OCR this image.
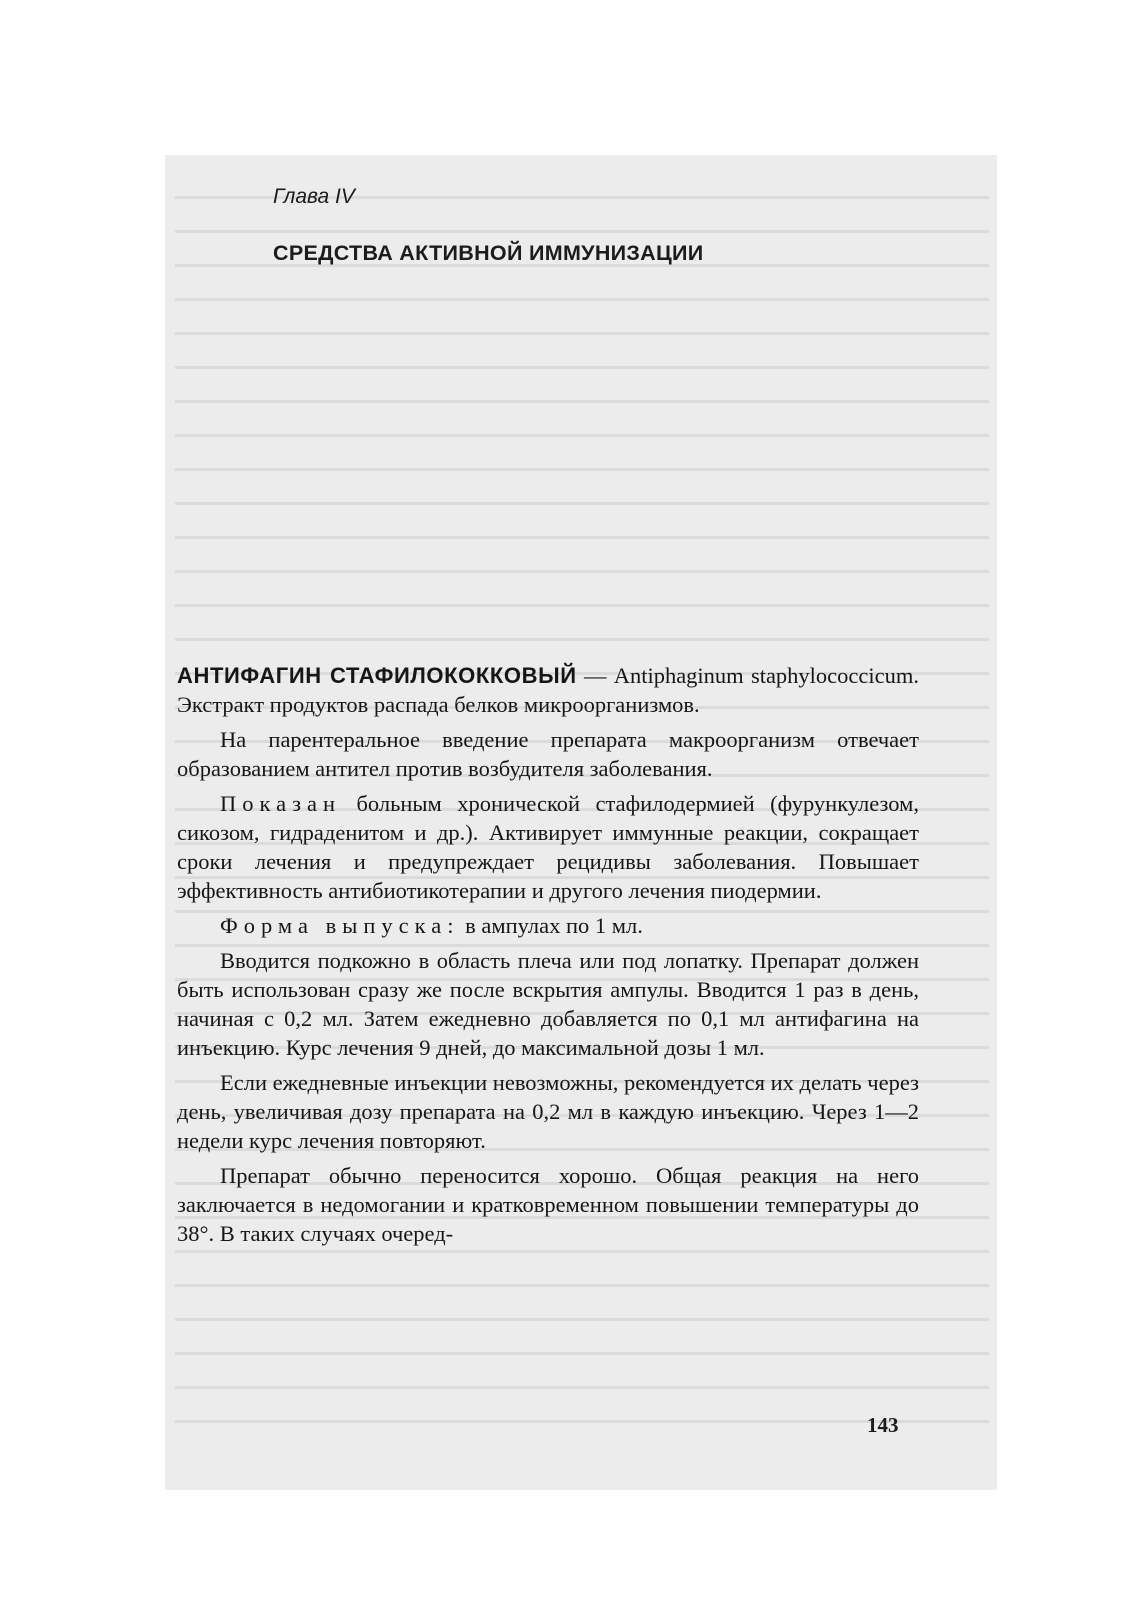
Глава IV
СРЕДСТВА АКТИВНОЙ ИММУНИЗАЦИИ

АНТИФАГИН СТАФИЛОКОККОВЫЙ — Antiphaginum staphylococcicum. Экстракт продуктов распада белков микроорганизмов.

На парентеральное введение препарата макроорганизм отвечает образованием антител против возбудителя заболевания.

Показан больным хронической стафилодермией (фурункулезом, сикозом, гидраденитом и др.). Активирует иммунные реакции, сокращает сроки лечения и предупреждает рецидивы заболевания. Повышает эффективность антибиотикотерапии и другого лечения пиодермии.

Форма выпуска: в ампулах по 1 мл.

Вводится подкожно в область плеча или под лопатку. Препарат должен быть использован сразу же после вскрытия ампулы. Вводится 1 раз в день, начиная с 0,2 мл. Затем ежедневно добавляется по 0,1 мл антифагина на инъекцию. Курс лечения 9 дней, до максимальной дозы 1 мл.

Если ежедневные инъекции невозможны, рекомендуется их делать через день, увеличивая дозу препарата на 0,2 мл в каждую инъекцию. Через 1—2 недели курс лечения повторяют.

Препарат обычно переносится хорошо. Общая реакция на него заключается в недомогании и кратковременном повышении температуры до 38°. В таких случаях очеред-

143
